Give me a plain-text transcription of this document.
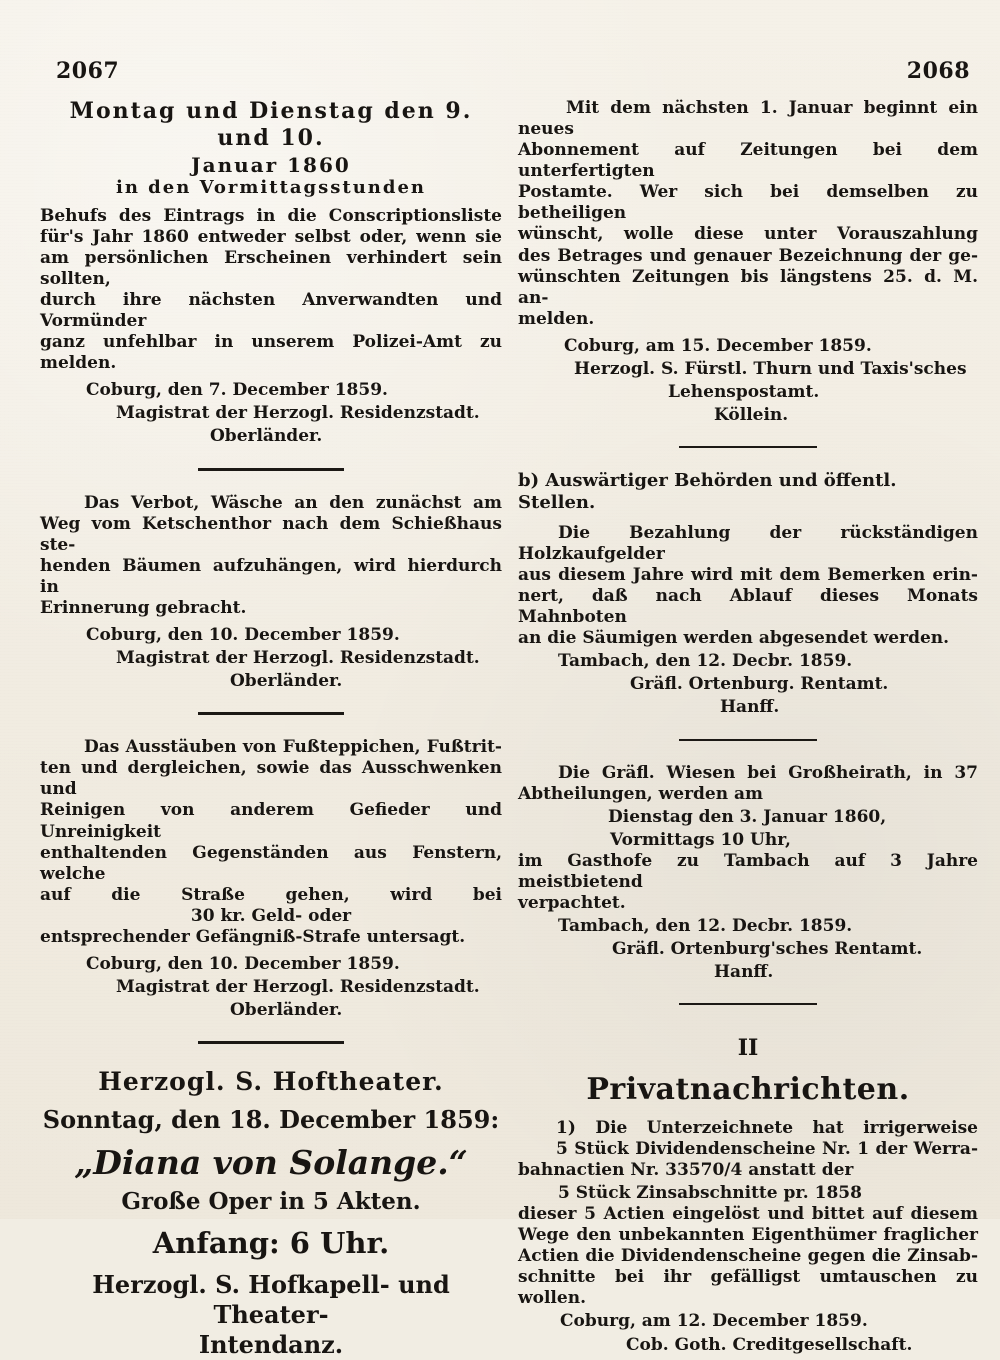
2067	2068
Montag und Dienstag den 9. und 10.
Januar 1860
in den Vormittagsstunden
Behufs des Eintrags in die Conscriptionsliste
für's Jahr 1860 entweder selbst oder, wenn sie
am persönlichen Erscheinen verhindert sein sollten,
durch ihre nächsten Anverwandten und Vormünder
ganz unfehlbar in unserem Polizei-Amt zu melden.
Coburg, den 7. December 1859.
Magistrat der Herzogl. Residenzstadt.
Oberländer.
Das Verbot, Wäsche an den zunächst am
Weg vom Ketschenthor nach dem Schießhaus ste-
henden Bäumen aufzuhängen, wird hierdurch in
Erinnerung gebracht.
Coburg, den 10. December 1859.
Magistrat der Herzogl. Residenzstadt.
Oberländer.
Das Ausstäuben von Fußteppichen, Fußtrit-
ten und dergleichen, sowie das Ausschwenken und
Reinigen von anderem Gefieder und Unreinigkeit
enthaltenden Gegenständen aus Fenstern, welche
auf die Straße gehen, wird bei
30 kr. Geld- oder
entsprechender Gefängniß-Strafe untersagt.
Coburg, den 10. December 1859.
Magistrat der Herzogl. Residenzstadt.
Oberländer.
Herzogl. S. Hoftheater.
Sonntag, den 18. December 1859:
„Diana von Solange.“
Große Oper in 5 Akten.
Anfang: 6 Uhr.
Herzogl. S. Hofkapell- und Theater-
Intendanz.
Mit dem nächsten 1. Januar beginnt ein neues
Abonnement auf Zeitungen bei dem unterfertigten
Postamte. Wer sich bei demselben zu betheiligen
wünscht, wolle diese unter Vorauszahlung
des Betrages und genauer Bezeichnung der ge-
wünschten Zeitungen bis längstens 25. d. M. an-
melden.
Coburg, am 15. December 1859.
Herzogl. S. Fürstl. Thurn und Taxis'sches
Lehenspostamt.
Köllein.
b) Auswärtiger Behörden und öffentl. Stellen.
Die Bezahlung der rückständigen Holzkaufgelder
aus diesem Jahre wird mit dem Bemerken erin-
nert, daß nach Ablauf dieses Monats Mahnboten
an die Säumigen werden abgesendet werden.
Tambach, den 12. Decbr. 1859.
Gräfl. Ortenburg. Rentamt.
Hanff.
Die Gräfl. Wiesen bei Großheirath, in 37
Abtheilungen, werden am
Dienstag den 3. Januar 1860,
Vormittags 10 Uhr,
im Gasthofe zu Tambach auf 3 Jahre meistbietend
verpachtet.
Tambach, den 12. Decbr. 1859.
Gräfl. Ortenburg'sches Rentamt.
Hanff.
II
Privatnachrichten.
1) Die Unterzeichnete hat irrigerweise
5 Stück Dividendenscheine Nr. 1 der Werra-
bahnactien Nr. 33570/4 anstatt der
5 Stück Zinsabschnitte pr. 1858
dieser 5 Actien eingelöst und bittet auf diesem
Wege den unbekannten Eigenthümer fraglicher
Actien die Dividendenscheine gegen die Zinsab-
schnitte bei ihr gefälligst umtauschen zu wollen.
Coburg, am 12. December 1859.
Cob. Goth. Creditgesellschaft.
